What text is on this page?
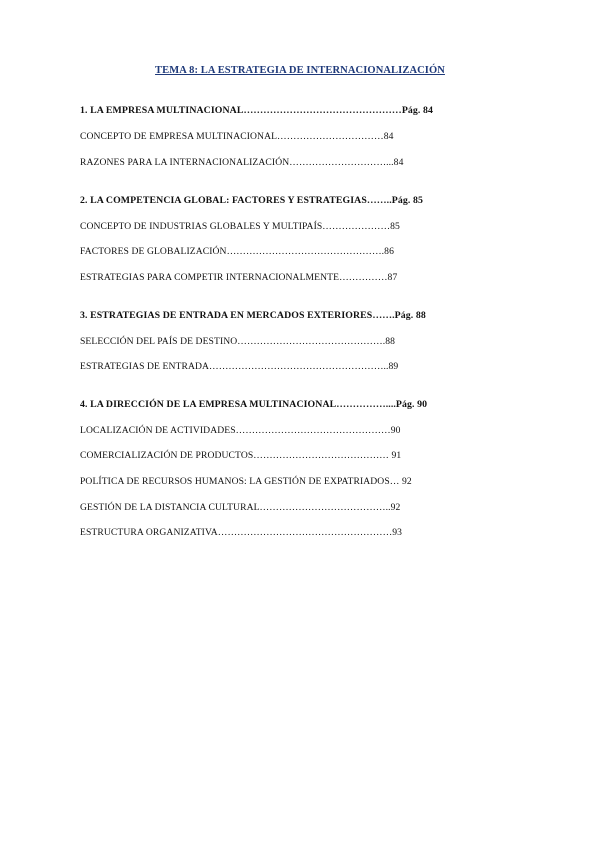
TEMA 8: LA ESTRATEGIA DE INTERNACIONALIZACIÓN
1. LA EMPRESA MULTINACIONAL…………………………………………Pág. 84
CONCEPTO DE EMPRESA MULTINACIONAL……………………………84
RAZONES PARA LA INTERNACIONALIZACIÓN…………………………...84
2. LA COMPETENCIA GLOBAL: FACTORES Y ESTRATEGIAS……..Pág. 85
CONCEPTO DE INDUSTRIAS GLOBALES Y MULTIPAÍS…………………85
FACTORES DE GLOBALIZACIÓN………………………………………….86
ESTRATEGIAS PARA COMPETIR INTERNACIONALMENTE……………87
3. ESTRATEGIAS DE ENTRADA EN MERCADOS EXTERIORES…….Pág. 88
SELECCIÓN DEL PAÍS DE DESTINO……………………………………….88
ESTRATEGIAS DE ENTRADA………………………………………………..89
4. LA DIRECCIÓN DE LA EMPRESA MULTINACIONAL……………....Pág. 90
LOCALIZACIÓN DE ACTIVIDADES…………………………………………90
COMERCIALIZACIÓN DE PRODUCTOS…………………………………… 91
POLÍTICA DE RECURSOS HUMANOS: LA GESTIÓN DE EXPATRIADOS… 92
GESTIÓN DE LA DISTANCIA CULTURAL…………………………………..92
ESTRUCTURA ORGANIZATIVA………………………………………………93
